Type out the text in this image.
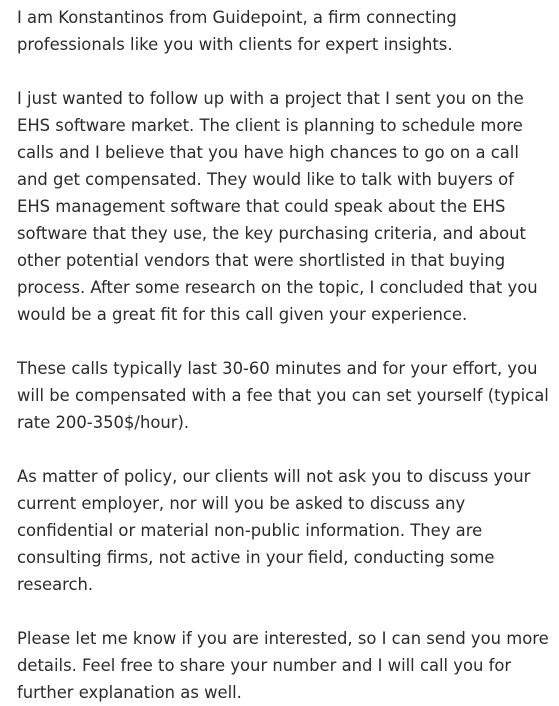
I am Konstantinos from Guidepoint, a firm connecting professionals like you with clients for expert insights.

I just wanted to follow up with a project that I sent you on the EHS software market. The client is planning to schedule more calls and I believe that you have high chances to go on a call and get compensated. They would like to talk with buyers of EHS management software that could speak about the EHS software that they use, the key purchasing criteria, and about other potential vendors that were shortlisted in that buying process. After some research on the topic, I concluded that you would be a great fit for this call given your experience.

These calls typically last 30-60 minutes and for your effort, you will be compensated with a fee that you can set yourself (typical rate 200-350$/hour).

As matter of policy, our clients will not ask you to discuss your current employer, nor will you be asked to discuss any confidential or material non-public information. They are consulting firms, not active in your field, conducting some research.

Please let me know if you are interested, so I can send you more details. Feel free to share your number and I will call you for further explanation as well.
